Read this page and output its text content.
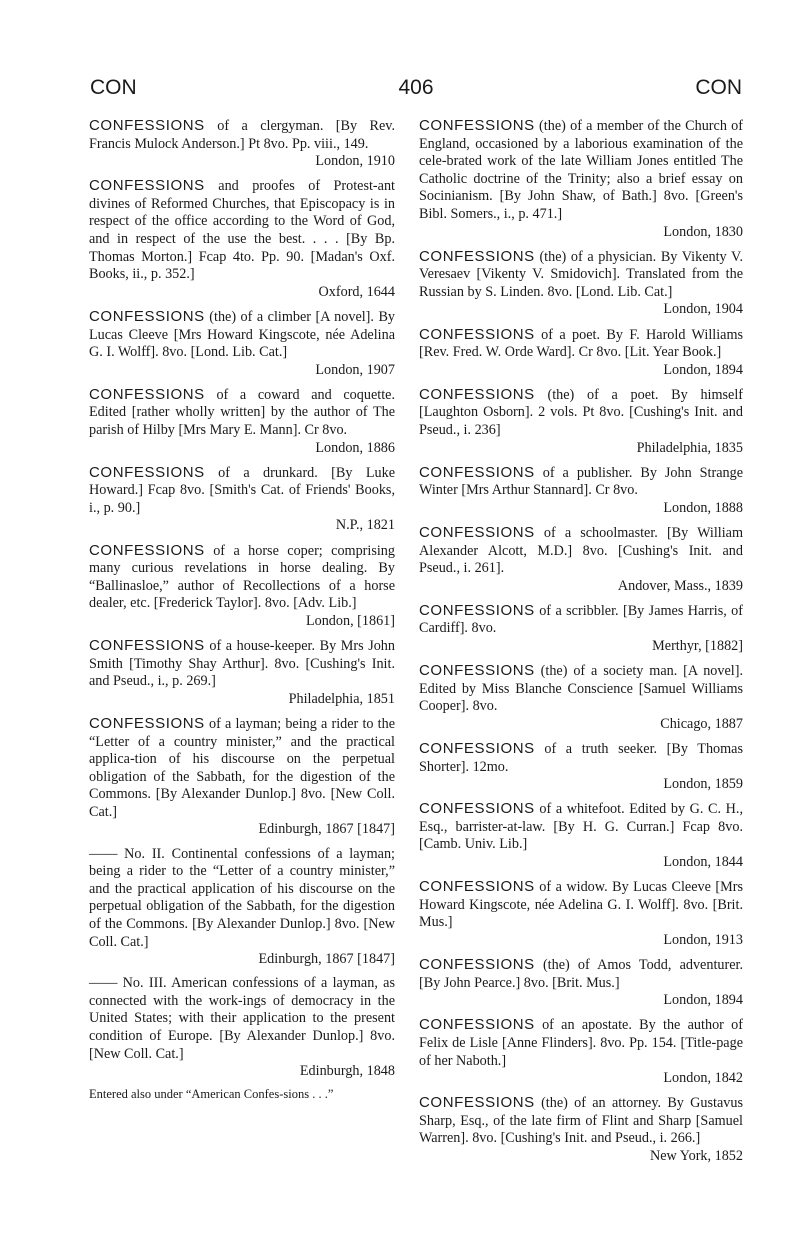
CON	406	CON
CONFESSIONS of a clergyman. [By Rev. Francis Mulock Anderson.] Pt 8vo. Pp. viii., 149.
London, 1910
CONFESSIONS and proofes of Protest-ant divines of Reformed Churches, that Episcopacy is in respect of the office according to the Word of God, and in respect of the use the best. . . . [By Bp. Thomas Morton.] Fcap 4to. Pp. 90. [Madan's Oxf. Books, ii., p. 352.]
Oxford, 1644
CONFESSIONS (the) of a climber [A novel]. By Lucas Cleeve [Mrs Howard Kingscote, née Adelina G. I. Wolff]. 8vo. [Lond. Lib. Cat.]
London, 1907
CONFESSIONS of a coward and coquette. Edited [rather wholly written] by the author of The parish of Hilby [Mrs Mary E. Mann]. Cr 8vo.
London, 1886
CONFESSIONS of a drunkard. [By Luke Howard.] Fcap 8vo. [Smith's Cat. of Friends' Books, i., p. 90.]
N.P., 1821
CONFESSIONS of a horse coper; comprising many curious revelations in horse dealing. By “Ballinasloe,” author of Recollections of a horse dealer, etc. [Frederick Taylor]. 8vo. [Adv. Lib.]
London, [1861]
CONFESSIONS of a house-keeper. By Mrs John Smith [Timothy Shay Arthur]. 8vo. [Cushing's Init. and Pseud., i., p. 269.]
Philadelphia, 1851
CONFESSIONS of a layman; being a rider to the “Letter of a country minister,” and the practical applica-tion of his discourse on the perpetual obligation of the Sabbath, for the digestion of the Commons. [By Alexander Dunlop.] 8vo. [New Coll. Cat.]
Edinburgh, 1867 [1847]
—— No. II. Continental confessions of a layman; being a rider to the “Letter of a country minister,” and the practical application of his discourse on the perpetual obligation of the Sabbath, for the digestion of the Commons. [By Alexander Dunlop.] 8vo. [New Coll. Cat.]
Edinburgh, 1867 [1847]
—— No. III. American confessions of a layman, as connected with the work-ings of democracy in the United States; with their application to the present condition of Europe. [By Alexander Dunlop.] 8vo. [New Coll. Cat.]
Edinburgh, 1848
Entered also under “American Confes-sions . . .”
CONFESSIONS (the) of a member of the Church of England, occasioned by a laborious examination of the cele-brated work of the late William Jones entitled The Catholic doctrine of the Trinity; also a brief essay on Socinianism. [By John Shaw, of Bath.] 8vo. [Green's Bibl. Somers., i., p. 471.]
London, 1830
CONFESSIONS (the) of a physician. By Vikenty V. Veresaev [Vikenty V. Smidovich]. Translated from the Russian by S. Linden. 8vo. [Lond. Lib. Cat.]
London, 1904
CONFESSIONS of a poet. By F. Harold Williams [Rev. Fred. W. Orde Ward]. Cr 8vo. [Lit. Year Book.]
London, 1894
CONFESSIONS (the) of a poet. By himself [Laughton Osborn]. 2 vols. Pt 8vo. [Cushing's Init. and Pseud., i. 236]
Philadelphia, 1835
CONFESSIONS of a publisher. By John Strange Winter [Mrs Arthur Stannard]. Cr 8vo.
London, 1888
CONFESSIONS of a schoolmaster. [By William Alexander Alcott, M.D.] 8vo. [Cushing's Init. and Pseud., i. 261].
Andover, Mass., 1839
CONFESSIONS of a scribbler. [By James Harris, of Cardiff]. 8vo.
Merthyr, [1882]
CONFESSIONS (the) of a society man. [A novel]. Edited by Miss Blanche Conscience [Samuel Williams Cooper]. 8vo.
Chicago, 1887
CONFESSIONS of a truth seeker. [By Thomas Shorter]. 12mo.
London, 1859
CONFESSIONS of a whitefoot. Edited by G. C. H., Esq., barrister-at-law. [By H. G. Curran.] Fcap 8vo. [Camb. Univ. Lib.]
London, 1844
CONFESSIONS of a widow. By Lucas Cleeve [Mrs Howard Kingscote, née Adelina G. I. Wolff]. 8vo. [Brit. Mus.]
London, 1913
CONFESSIONS (the) of Amos Todd, adventurer. [By John Pearce.] 8vo. [Brit. Mus.]
London, 1894
CONFESSIONS of an apostate. By the author of Felix de Lisle [Anne Flinders]. 8vo. Pp. 154. [Title-page of her Naboth.]
London, 1842
CONFESSIONS (the) of an attorney. By Gustavus Sharp, Esq., of the late firm of Flint and Sharp [Samuel Warren]. 8vo. [Cushing's Init. and Pseud., i. 266.]
New York, 1852
